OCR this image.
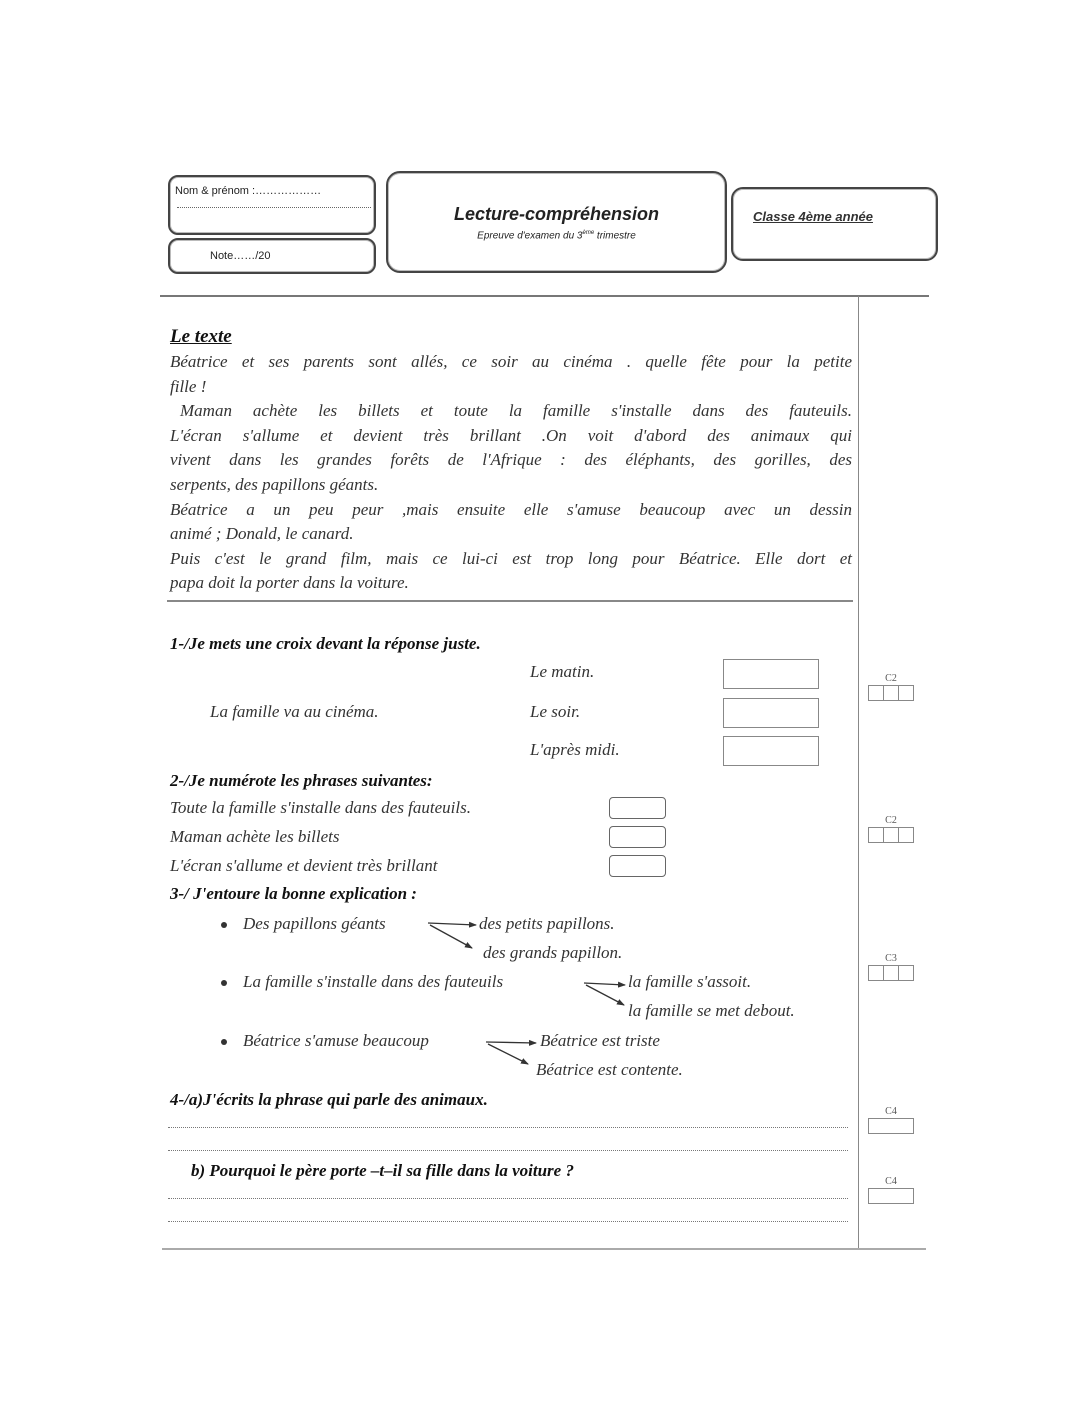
Nom & prénom :………………
Note……/20
Lecture-compréhension
Epreuve d'examen du 3ème trimestre
Classe 4ème année
Le texte

Béatrice et ses parents sont allés, ce soir au cinéma . quelle fête pour la petite

fille !

Maman achète les billets et toute la famille s'installe dans des fauteuils.

L'écran s'allume et devient très brillant .On voit d'abord des animaux qui

vivent dans les grandes forêts de l'Afrique : des éléphants, des gorilles, des

serpents, des papillons géants.

Béatrice a un peu peur ,mais ensuite elle s'amuse beaucoup avec un dessin

animé ; Donald, le canard.

Puis c'est le grand film, mais ce lui-ci est trop long pour Béatrice. Elle dort et

papa doit la porter dans la voiture.

1-/Je mets une croix devant la réponse juste.
La famille va au cinéma.
Le matin.
Le soir.
L'après midi.
C2
2-/Je numérote les phrases suivantes:
Toute la famille s'installe dans des fauteuils.
Maman achète les billets
L'écran s'allume et devient très brillant
C2
3-/ J'entoure la bonne explication :
Des papillons géants	des petits papillons.
des grands papillon.
La famille s'installe dans des fauteuils	la famille s'assoit.
la famille se met debout.
Béatrice s'amuse beaucoup	Béatrice est triste
Béatrice est contente.
C3
4-/a)J'écrits la phrase qui parle des animaux.
b) Pourquoi le père porte –t–il sa fille dans la voiture ?
C4
C4
